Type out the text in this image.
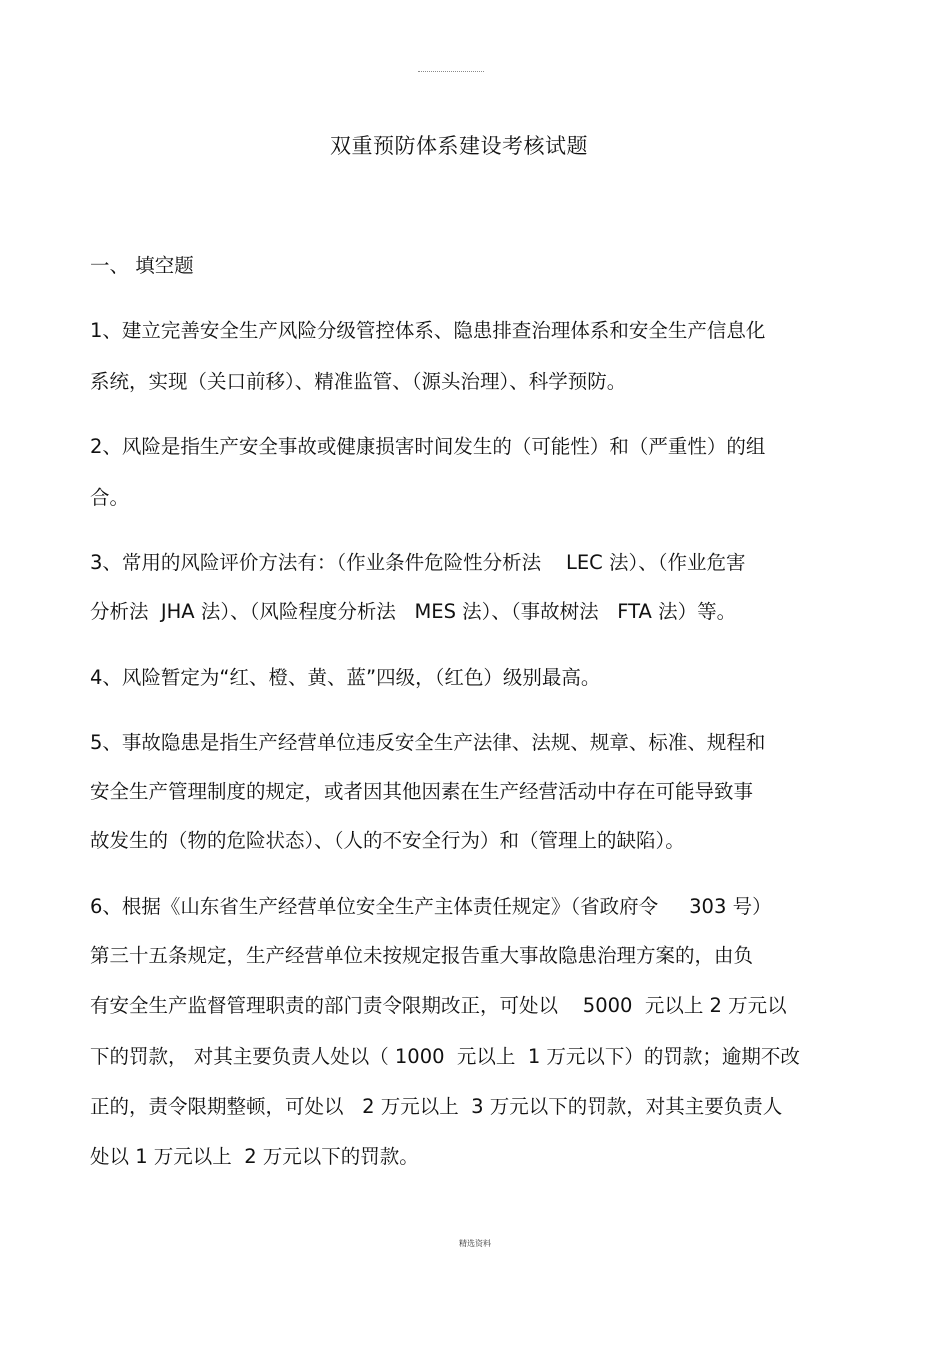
双重预防体系建设考核试题
一、 填空题
1、建立完善安全生产风险分级管控体系、隐患排查治理体系和安全生产信息化
系统，实现（关口前移）、精准监管、（源头治理）、科学预防。
2、风险是指生产安全事故或健康损害时间发生的（可能性）和（严重性）的组
合。
3、常用的风险评价方法有：（作业条件危险性分析法    LEC 法）、（作业危害
分析法  JHA 法）、（风险程度分析法   MES 法）、（事故树法   FTA 法）等。
4、风险暂定为“红、橙、黄、蓝”四级，（红色）级别最高。
5、事故隐患是指生产经营单位违反安全生产法律、法规、规章、标准、规程和
安全生产管理制度的规定，或者因其他因素在生产经营活动中存在可能导致事
故发生的（物的危险状态）、（人的不安全行为）和（管理上的缺陷）。
6、根据《山东省生产经营单位安全生产主体责任规定》（省政府令     303 号）
第三十五条规定，生产经营单位未按规定报告重大事故隐患治理方案的，由负
有安全生产监督管理职责的部门责令限期改正，可处以    5000  元以上 2 万元以
下的罚款， 对其主要负责人处以（ 1000  元以上  1 万元以下）的罚款；逾期不改
正的，责令限期整顿，可处以   2 万元以上  3 万元以下的罚款，对其主要负责人
处以 1 万元以上  2 万元以下的罚款。
精选资料
